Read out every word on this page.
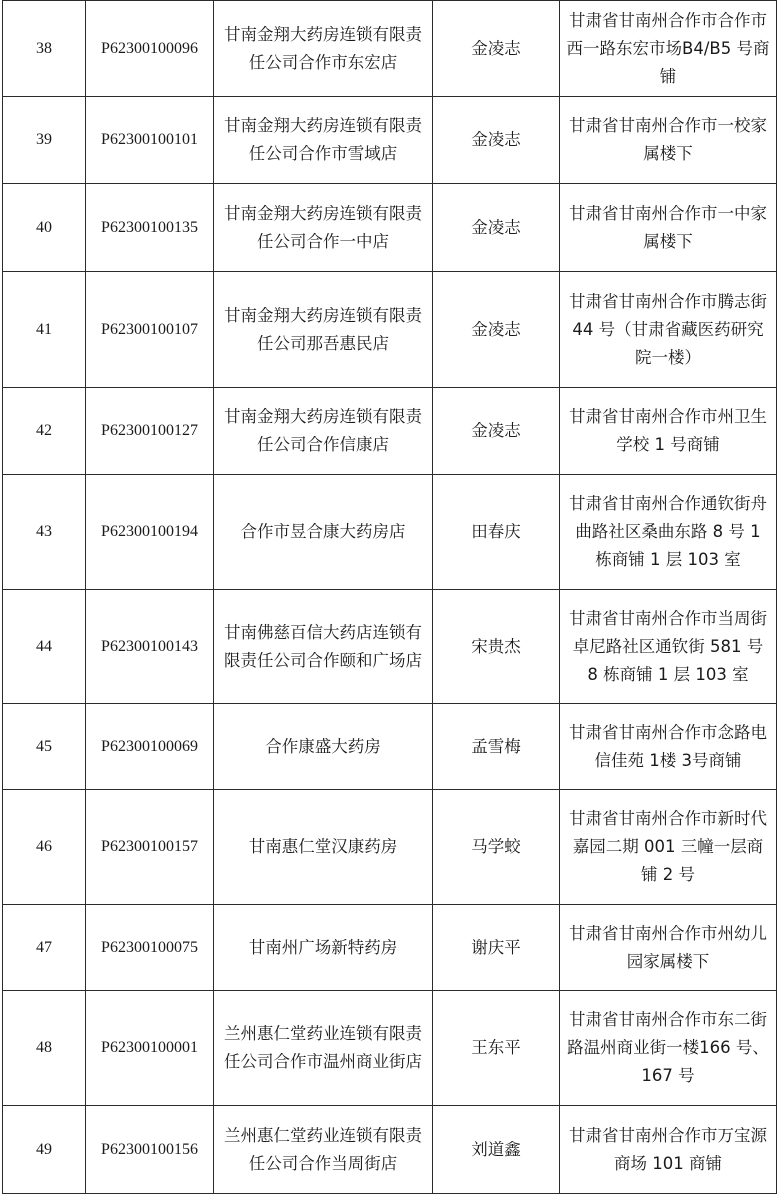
38	P62300100096	甘南金翔大药房连锁有限责任公司合作市东宏店	金凌志	甘肃省甘南州合作市合作市西一路东宏市场B4/B5 号商铺
39	P62300100101	甘南金翔大药房连锁有限责任公司合作市雪域店	金凌志	甘肃省甘南州合作市一校家属楼下
40	P62300100135	甘南金翔大药房连锁有限责任公司合作一中店	金凌志	甘肃省甘南州合作市一中家属楼下
41	P62300100107	甘南金翔大药房连锁有限责任公司那吾惠民店	金凌志	甘肃省甘南州合作市腾志街 44 号（甘肃省藏医药研究院一楼）
42	P62300100127	甘南金翔大药房连锁有限责任公司合作信康店	金凌志	甘肃省甘南州合作市州卫生学校 1 号商铺
43	P62300100194	合作市昱合康大药房店	田春庆	甘肃省甘南州合作通钦街舟曲路社区桑曲东路 8 号 1 栋商铺 1 层 103 室
44	P62300100143	甘南佛慈百信大药店连锁有限责任公司合作颐和广场店	宋贵杰	甘肃省甘南州合作市当周街卓尼路社区通钦街 581 号 8 栋商铺 1 层 103 室
45	P62300100069	合作康盛大药房	孟雪梅	甘肃省甘南州合作市念路电信佳苑 1楼 3号商铺
46	P62300100157	甘南惠仁堂汉康药房	马学蛟	甘肃省甘南州合作市新时代嘉园二期 001 三幢一层商铺 2 号
47	P62300100075	甘南州广场新特药房	谢庆平	甘肃省甘南州合作市州幼儿园家属楼下
48	P62300100001	兰州惠仁堂药业连锁有限责任公司合作市温州商业街店	王东平	甘肃省甘南州合作市东二街路温州商业街一楼166 号、167 号
49	P62300100156	兰州惠仁堂药业连锁有限责任公司合作当周街店	刘道鑫	甘肃省甘南州合作市万宝源商场 101 商铺
